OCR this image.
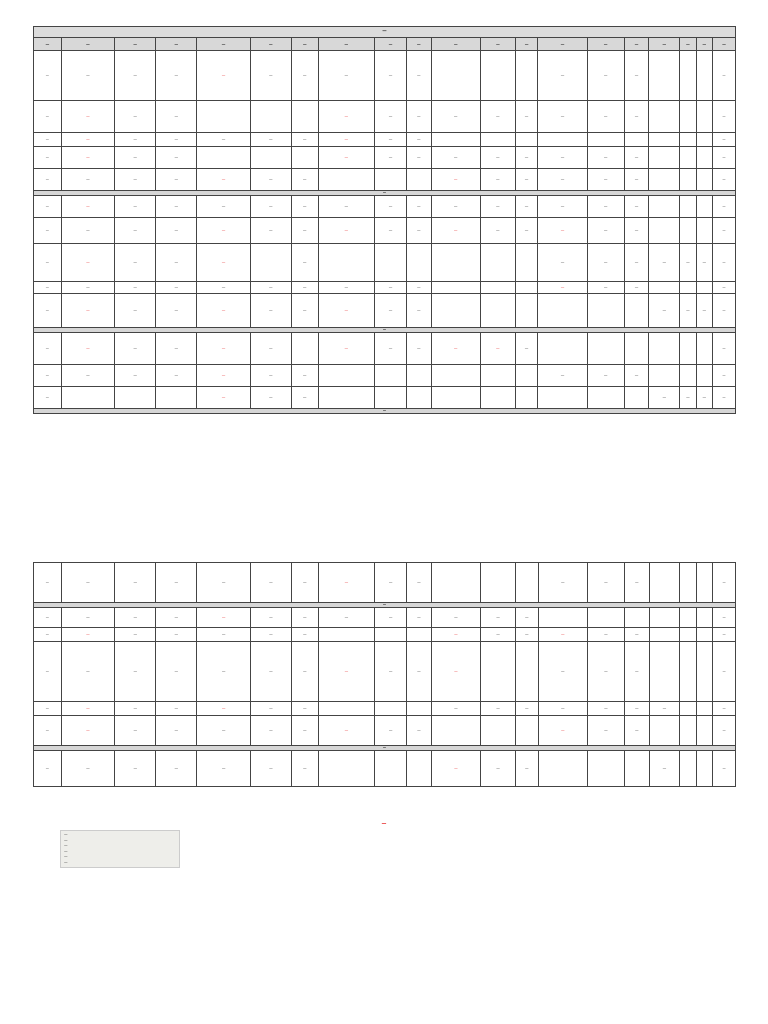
—																			
—	—	—	—	—	—	—	—	—	—	—	—	—	—	—	—	—	—	—	—
—	—	—	—	—	—	—	—	—	—				—	—	—				—
—	—	—	—				—	—	—	—	—	—	—	—	—				—
—	—	—	—	—	—	—	—	—	—										—
—	—	—	—				—	—	—	—	—	—	—	—	—				—
—	—	—	—	—	—	—				—	—	—	—	—	—				—
—																			
—	—	—	—	—	—	—	—	—	—	—	—	—	—	—	—				—
—	—	—	—	—	—	—	—	—	—	—	—	—	—	—	—				—
—	—	—	—	—		—							—	—	—	—	—	—	—
—	—	—	—	—	—	—	—	—	—				—	—	—				—
—	—	—	—	—	—	—	—	—	—							—	—	—	—
—																			
—	—	—	—	—	—		—	—	—	—	—	—							—
—	—	—	—	—	—	—							—	—	—				—
—				—	—	—										—	—	—	—
—																			
—	—	—	—	—	—	—	—	—	—				—	—	—				—
—																			
—	—	—	—	—	—	—	—	—	—	—	—	—							—
—	—	—	—	—	—	—				—	—	—	—	—	—				—
—	—	—	—	—	—	—	—	—	—	—			—	—	—				—
—	—	—	—	—	—	—				—	—	—	—	—	—	—			—
—	—	—	—	—	—	—	—	—	—				—	—	—				—
—																			
—	—	—	—	—	—	—				—	—	—				—			—
—
—
—
—
—
—
—
